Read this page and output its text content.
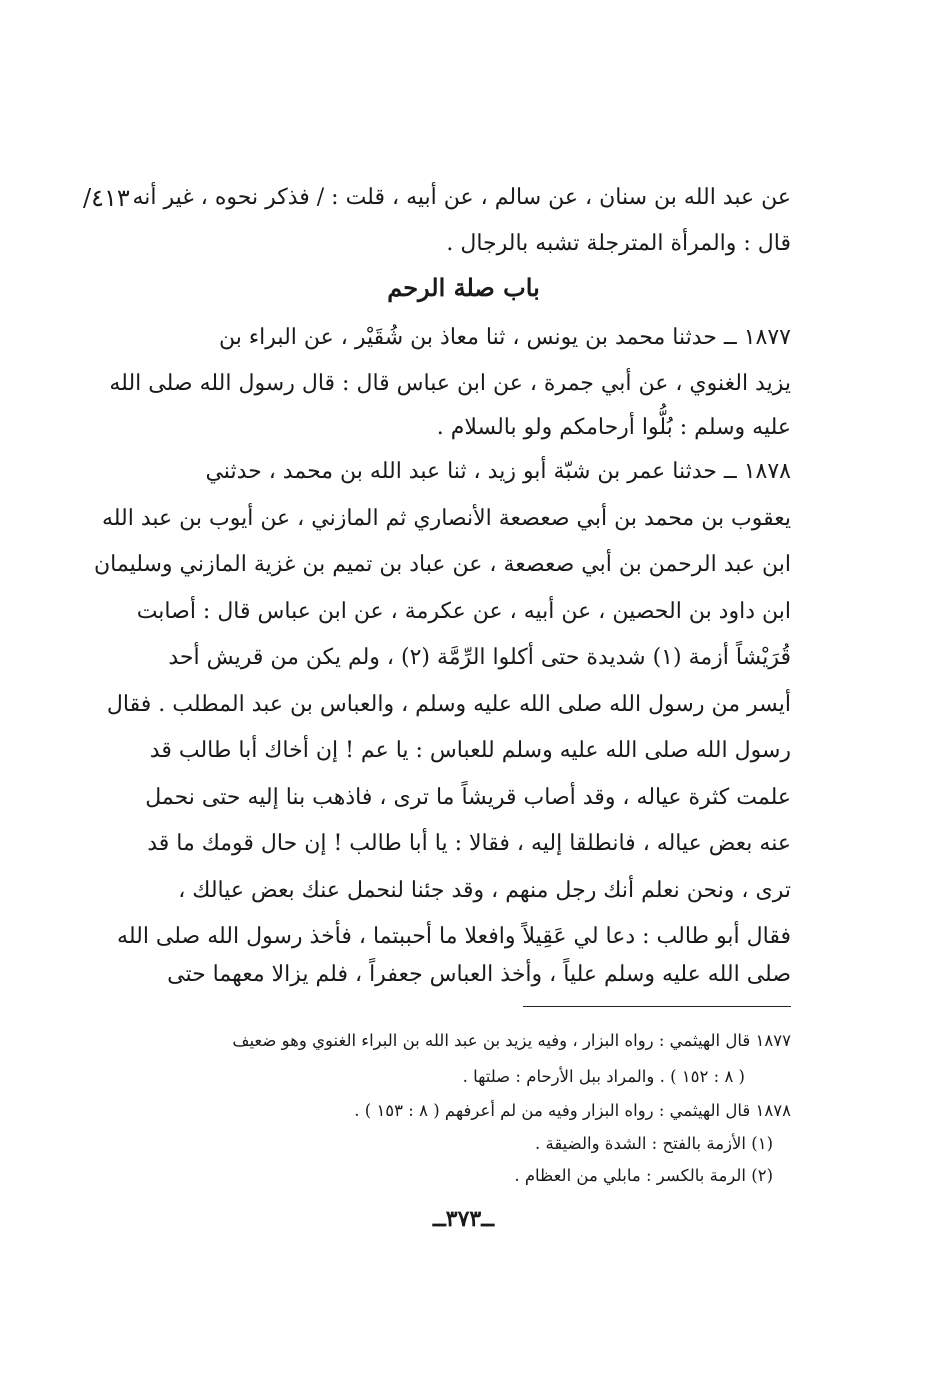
٤١٣/ عن عبد الله بن سنان ، عن سالم ، عن أبيه ، قلت : / فذكر نحوه ، غير أنه
قال : والمرأة المترجلة تشبه بالرجال .
باب صلة الرحم
١٨٧٧ ــ حدثنا محمد بن يونس ، ثنا معاذ بن شُقَيْر ، عن البراء بن
يزيد الغنوي ، عن أبي جمرة ، عن ابن عباس قال : قال رسول الله صلى الله
عليه وسلم : بُلُّوا أرحامكم ولو بالسلام .
١٨٧٨ ــ حدثنا عمر بن شبّة أبو زيد ، ثنا عبد الله بن محمد ، حدثني
يعقوب بن محمد بن أبي صعصعة الأنصاري ثم المازني ، عن أيوب بن عبد الله
ابن عبد الرحمن بن أبي صعصعة ، عن عباد بن تميم بن غزية المازني وسليمان
ابن داود بن الحصين ، عن أبيه ، عن عكرمة ، عن ابن عباس قال : أصابت
قُرَيْشاً أزمة (١) شديدة حتى أكلوا الرِّمَّة (٢) ، ولم يكن من قريش أحد
أيسر من رسول الله صلى الله عليه وسلم ، والعباس بن عبد المطلب . فقال
رسول الله صلى الله عليه وسلم للعباس : يا عم ! إن أخاك أبا طالب قد
علمت كثرة عياله ، وقد أصاب قريشاً ما ترى ، فاذهب بنا إليه حتى نحمل
عنه بعض عياله ، فانطلقا إليه ، فقالا : يا أبا طالب ! إن حال قومك ما قد
ترى ، ونحن نعلم أنك رجل منهم ، وقد جئنا لنحمل عنك بعض عيالك ،
فقال أبو طالب : دعا لي عَقِيلاً وافعلا ما أحببتما ، فأخذ رسول الله صلى الله
صلى الله عليه وسلم علياً ، وأخذ العباس جعفراً ، فلم يزالا معهما حتى
١٨٧٧ قال الهيثمي : رواه البزار ، وفيه يزيد بن عبد الله بن البراء الغنوي وهو ضعيف
( ٨ : ١٥٢ ) . والمراد ببل الأرحام : صلتها .
١٨٧٨ قال الهيثمي : رواه البزار وفيه من لم أعرفهم ( ٨ : ١٥٣ ) .
(١) الأزمة بالفتح : الشدة والضيقة .
(٢) الرمة بالكسر : مابلي من العظام .
ــ٣٧٣ــ
